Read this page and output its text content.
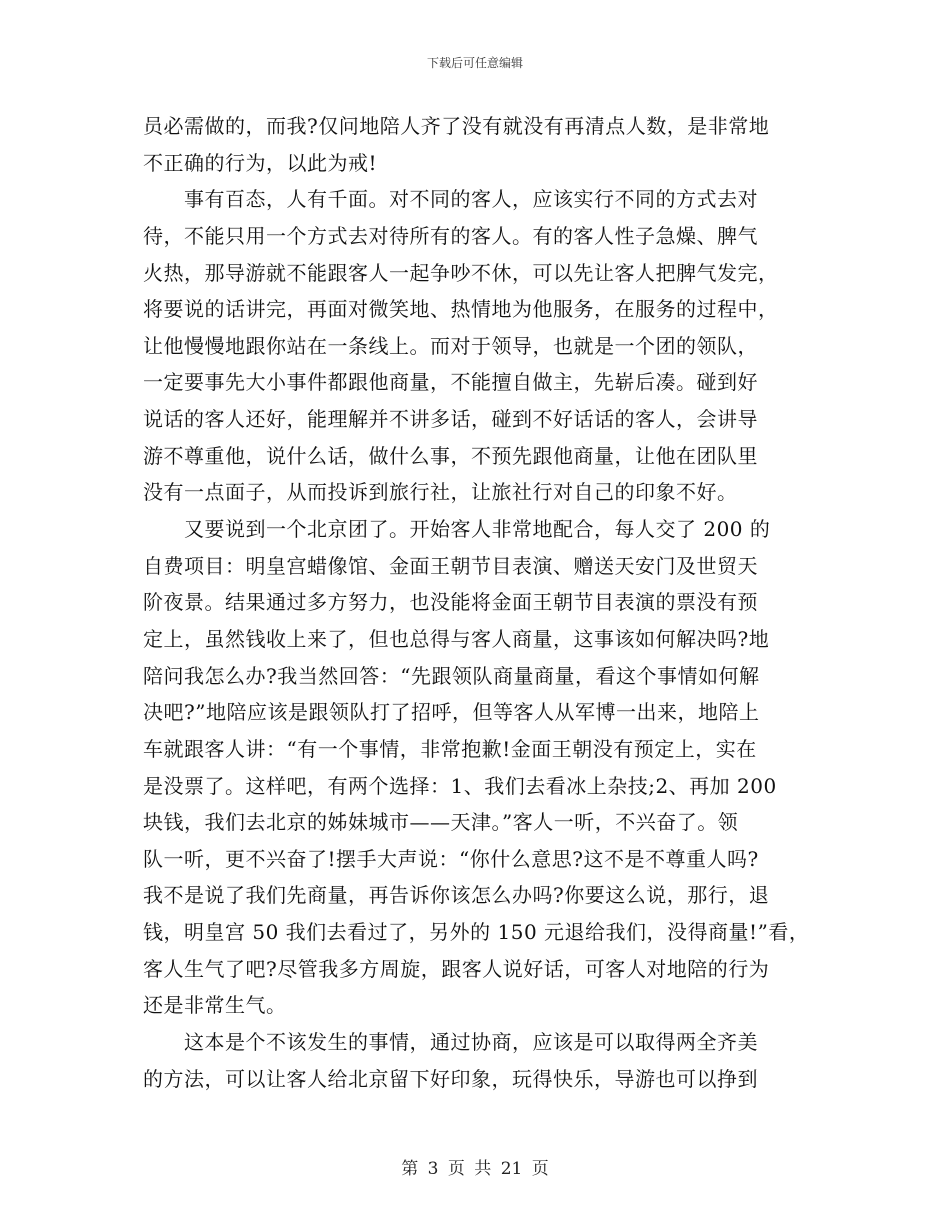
下载后可任意编辑
员必需做的，而我?仅问地陪人齐了没有就没有再清点人数，是非常地
不正确的行为，以此为戒!
　　事有百态，人有千面。对不同的客人，应该实行不同的方式去对
待，不能只用一个方式去对待所有的客人。有的客人性子急燥、脾气
火热，那导游就不能跟客人一起争吵不休，可以先让客人把脾气发完，
将要说的话讲完，再面对微笑地、热情地为他服务，在服务的过程中，
让他慢慢地跟你站在一条线上。而对于领导，也就是一个团的领队，
一定要事先大小事件都跟他商量，不能擅自做主，先崭后凑。碰到好
说话的客人还好，能理解并不讲多话，碰到不好话话的客人，会讲导
游不尊重他，说什么话，做什么事，不预先跟他商量，让他在团队里
没有一点面子，从而投诉到旅行社，让旅社行对自己的印象不好。
　　又要说到一个北京团了。开始客人非常地配合，每人交了 200 的
自费项目：明皇宫蜡像馆、金面王朝节目表演、赠送天安门及世贸天
阶夜景。结果通过多方努力，也没能将金面王朝节目表演的票没有预
定上，虽然钱收上来了，但也总得与客人商量，这事该如何解决吗?地
陪问我怎么办?我当然回答：“先跟领队商量商量，看这个事情如何解
决吧?”地陪应该是跟领队打了招呼，但等客人从军博一出来，地陪上
车就跟客人讲：“有一个事情，非常抱歉!金面王朝没有预定上，实在
是没票了。这样吧，有两个选择：1、我们去看冰上杂技;2、再加 200
块钱，我们去北京的姊妹城市——天津。”客人一听，不兴奋了。领
队一听，更不兴奋了!摆手大声说：“你什么意思?这不是不尊重人吗?
我不是说了我们先商量，再告诉你该怎么办吗?你要这么说，那行，退
钱，明皇宫 50 我们去看过了，另外的 150 元退给我们，没得商量!”看，
客人生气了吧?尽管我多方周旋，跟客人说好话，可客人对地陪的行为
还是非常生气。
　　这本是个不该发生的事情，通过协商，应该是可以取得两全齐美
的方法，可以让客人给北京留下好印象，玩得快乐，导游也可以挣到
第 3 页 共 21 页
